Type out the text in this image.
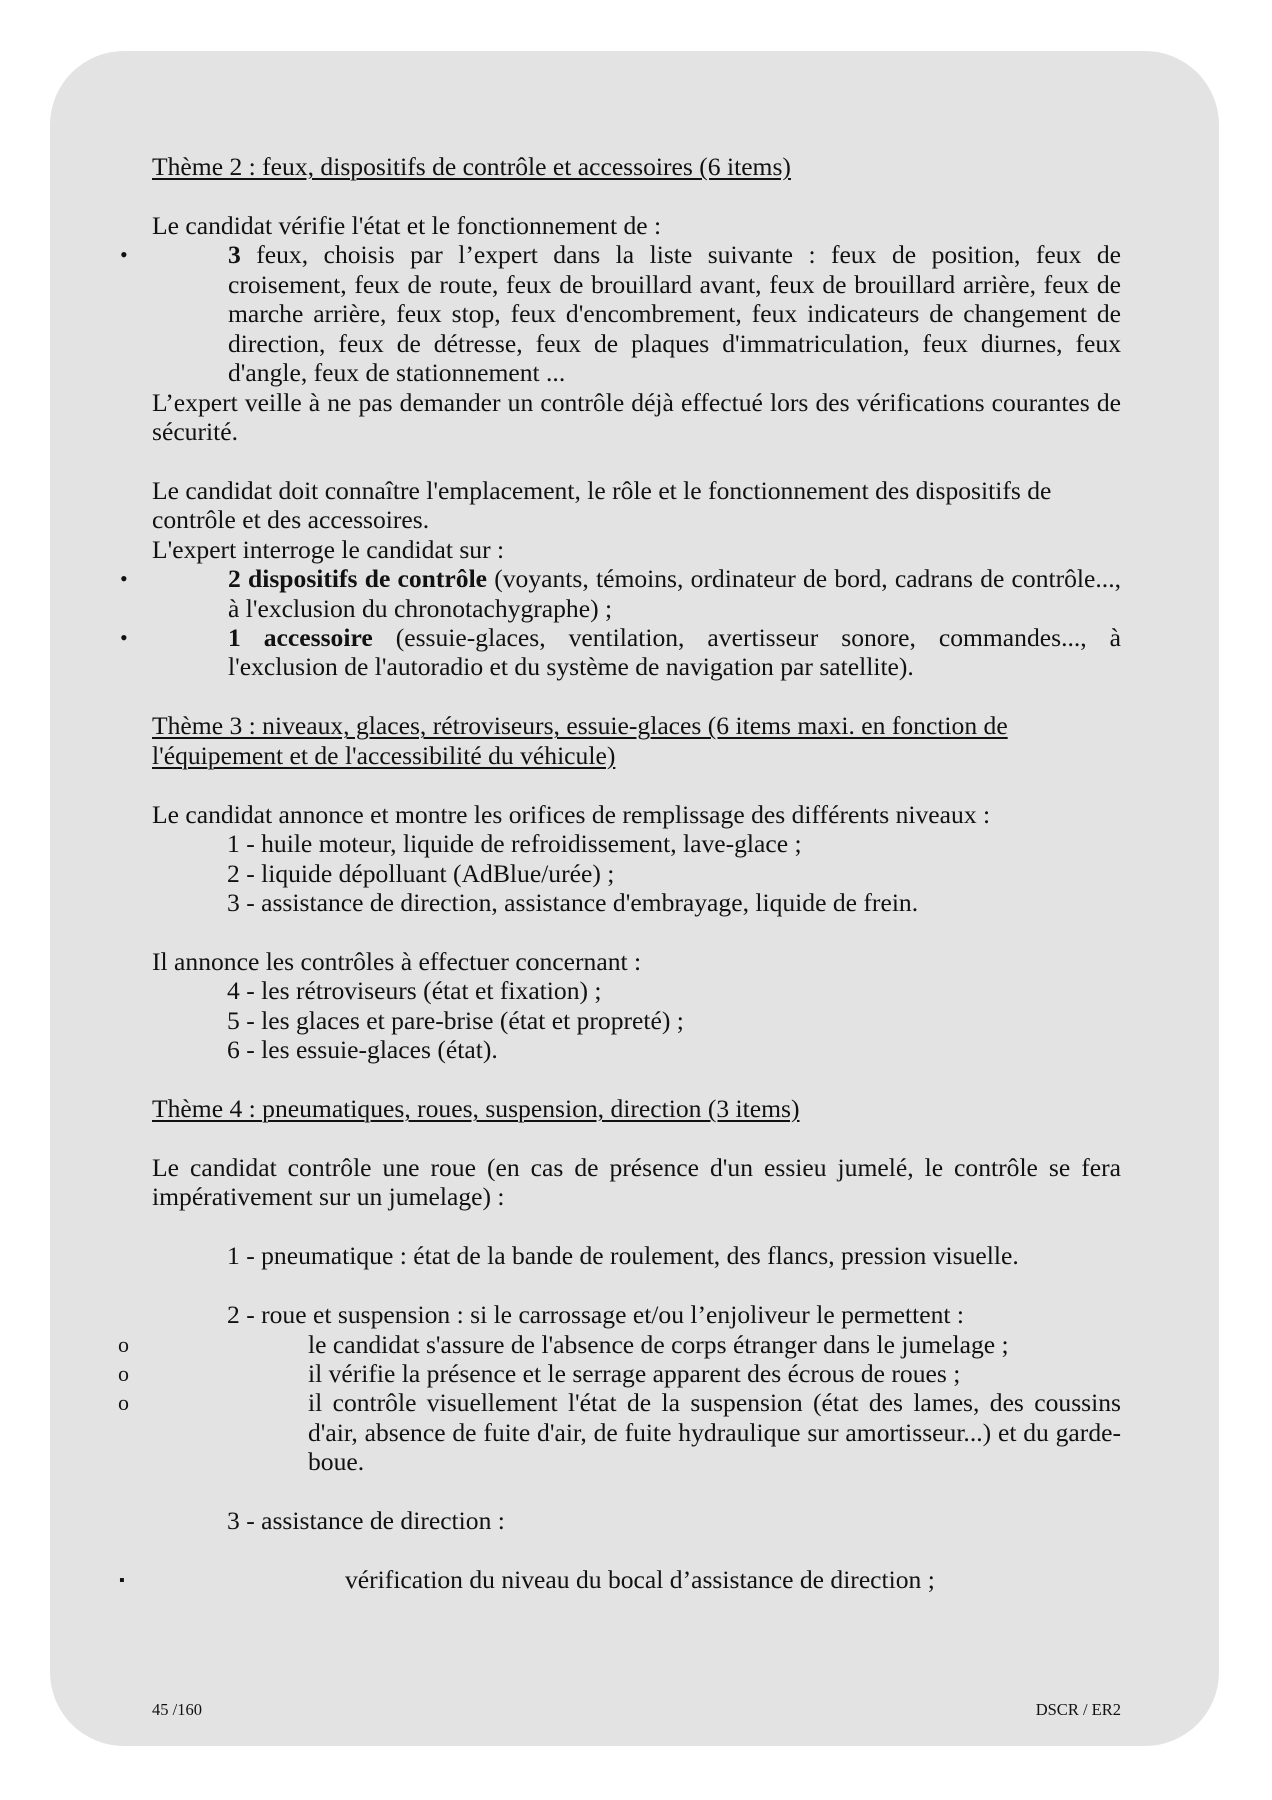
Thème 2 : feux, dispositifs de contrôle et accessoires (6 items)
Le candidat vérifie l'état et le fonctionnement de :
•	3 feux, choisis par l’expert dans la liste suivante : feux de position, feux de
croisement, feux de route, feux de brouillard avant, feux de brouillard arrière, feux de
marche arrière, feux stop, feux d'encombrement, feux indicateurs de changement de
direction, feux de détresse, feux de plaques d'immatriculation, feux diurnes, feux
d'angle, feux de stationnement ...
L’expert veille à ne pas demander un contrôle déjà effectué lors des vérifications courantes de
sécurité.
Le candidat doit connaître l'emplacement, le rôle et le fonctionnement des dispositifs de
contrôle et des accessoires.
L'expert interroge le candidat sur :
•	2 dispositifs de contrôle (voyants, témoins, ordinateur de bord, cadrans de contrôle...,
à l'exclusion du chronotachygraphe) ;
•	1 accessoire (essuie-glaces, ventilation, avertisseur sonore, commandes..., à
l'exclusion de l'autoradio et du système de navigation par satellite).
Thème 3 : niveaux, glaces, rétroviseurs, essuie-glaces (6 items maxi. en fonction de
l'équipement et de l'accessibilité du véhicule)
Le candidat annonce et montre les orifices de remplissage des différents niveaux :
1 - huile moteur, liquide de refroidissement, lave-glace ;
2 - liquide dépolluant (AdBlue/urée) ;
3 - assistance de direction, assistance d'embrayage, liquide de frein.
Il annonce les contrôles à effectuer concernant :
4 - les rétroviseurs (état et fixation) ;
5 - les glaces et pare-brise (état et propreté) ;
6 - les essuie-glaces (état).
Thème 4 : pneumatiques, roues, suspension, direction (3 items)
Le candidat contrôle une roue (en cas de présence d'un essieu jumelé, le contrôle se fera
impérativement sur un jumelage) :
1 - pneumatique : état de la bande de roulement, des flancs, pression visuelle.
2 - roue et suspension : si le carrossage et/ou l’enjoliveur le permettent :
o	le candidat s'assure de l'absence de corps étranger dans le jumelage ;
o	il vérifie la présence et le serrage apparent des écrous de roues ;
o	il contrôle visuellement l'état de la suspension (état des lames, des coussins
d'air, absence de fuite d'air, de fuite hydraulique sur amortisseur...) et du garde-
boue.
3 - assistance de direction :
▪	vérification du niveau du bocal d’assistance de direction ;
45 /160	DSCR / ER2
